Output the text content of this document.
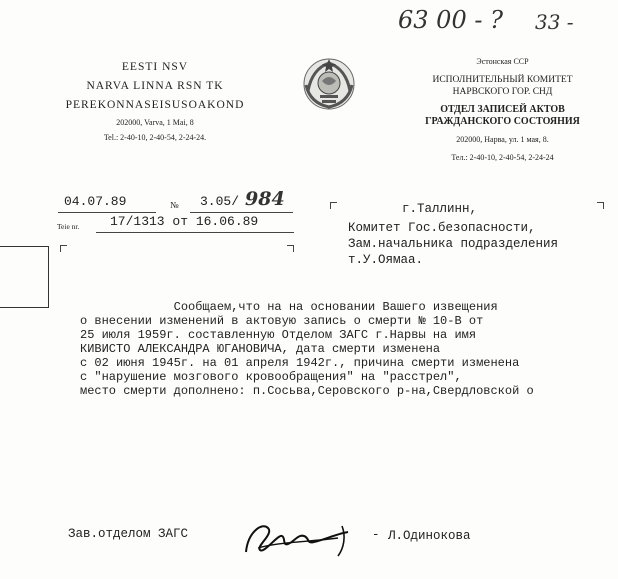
63 00 - ? 33 -
EESTI NSV
NARVA LINNA RSN TK
PEREKONNASEISUSOAKOND
202000, Varva, 1 Mai, 8
Tel.: 2-40-10, 2-40-54, 2-24-24.
Эстонская ССР
ИСПОЛНИТЕЛЬНЫЙ КОМИТЕТ
НАРВСКОГО ГОР. СНД
ОТДЕЛ ЗАПИСЕЙ АКТОВ
ГРАЖДАНСКОГО СОСТОЯНИЯ
202000, Нарва, ул. 1 мая, 8.
Тел.: 2-40-10, 2-40-54, 2-24-24
04.07.89	№ 3.05/ 984
Teie nr. 17/1313 от 16.06.89
г.Таллинн,
Комитет Гос.безопасности,
Зам.начальника подразделения
т.У.Оямаа.
Сообщаем,что на на основании Вашего извещения
о внесении изменений в актовую запись о смерти № 10-В от
25 июля 1959г. составленную Отделом ЗАГС г.Нарвы на имя
КИВИСТО АЛЕКСАНДРА ЮГАНОВИЧА, дата смерти изменена
с 02 июня 1945г. на 01 апреля 1942г., причина смерти изменена
с "нарушение мозгового кровообращения" на "расстрел",
место смерти дополнено: п.Сосьва,Серовского р-на,Свердловской о
Зав.отделом ЗАГС	- Л.Одинокова
